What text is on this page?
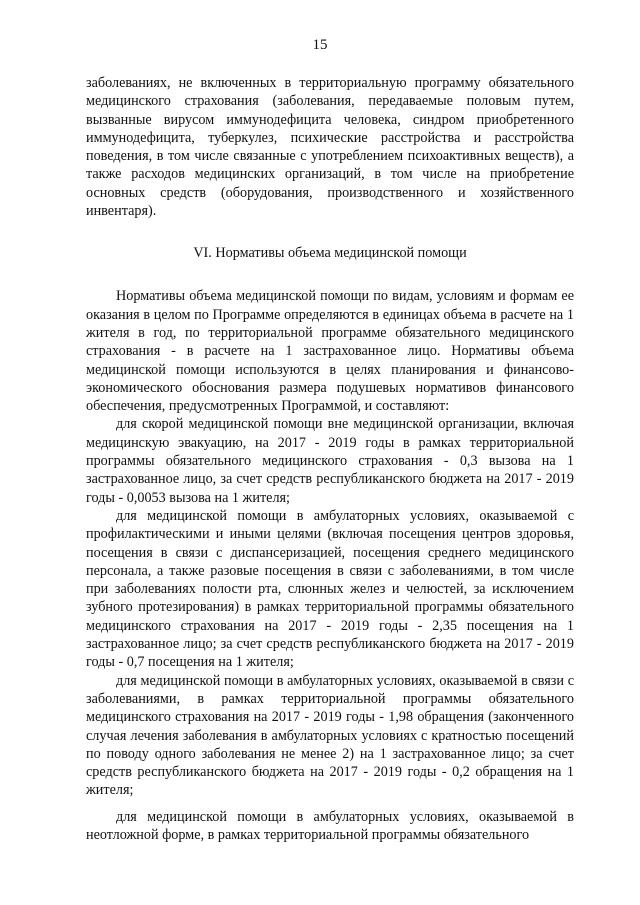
15

заболеваниях, не включенных в территориальную программу обязательного медицинского страхования (заболевания, передаваемые половым путем, вызванные вирусом иммунодефицита человека, синдром приобретенного иммунодефицита, туберкулез, психические расстройства и расстройства поведения, в том числе связанные с употреблением психоактивных веществ), а также расходов медицинских организаций, в том числе на приобретение основных средств (оборудования, производственного и хозяйственного инвентаря).

VI. Нормативы объема медицинской помощи

Нормативы объема медицинской помощи по видам, условиям и формам ее оказания в целом по Программе определяются в единицах объема в расчете на 1 жителя в год, по территориальной программе обязательного медицинского страхования - в расчете на 1 застрахованное лицо. Нормативы объема медицинской помощи используются в целях планирования и финансово-экономического обоснования размера подушевых нормативов финансового обеспечения, предусмотренных Программой, и составляют:

для скорой медицинской помощи вне медицинской организации, включая медицинскую эвакуацию, на 2017 - 2019 годы в рамках территориальной программы обязательного медицинского страхования - 0,3 вызова на 1 застрахованное лицо, за счет средств республиканского бюджета на 2017 - 2019 годы - 0,0053 вызова на 1 жителя;

для медицинской помощи в амбулаторных условиях, оказываемой с профилактическими и иными целями (включая посещения центров здоровья, посещения в связи с диспансеризацией, посещения среднего медицинского персонала, а также разовые посещения в связи с заболеваниями, в том числе при заболеваниях полости рта, слюнных желез и челюстей, за исключением зубного протезирования) в рамках территориальной программы обязательного медицинского страхования на 2017 - 2019 годы - 2,35 посещения на 1 застрахованное лицо; за счет средств республиканского бюджета на 2017 - 2019 годы - 0,7 посещения на 1 жителя;

для медицинской помощи в амбулаторных условиях, оказываемой в связи с заболеваниями, в рамках территориальной программы обязательного медицинского страхования на 2017 - 2019 годы - 1,98 обращения (законченного случая лечения заболевания в амбулаторных условиях с кратностью посещений по поводу одного заболевания не менее 2) на 1 застрахованное лицо; за счет средств республиканского бюджета на 2017 - 2019 годы - 0,2 обращения на 1 жителя;

для медицинской помощи в амбулаторных условиях, оказываемой в неотложной форме, в рамках территориальной программы обязательного
